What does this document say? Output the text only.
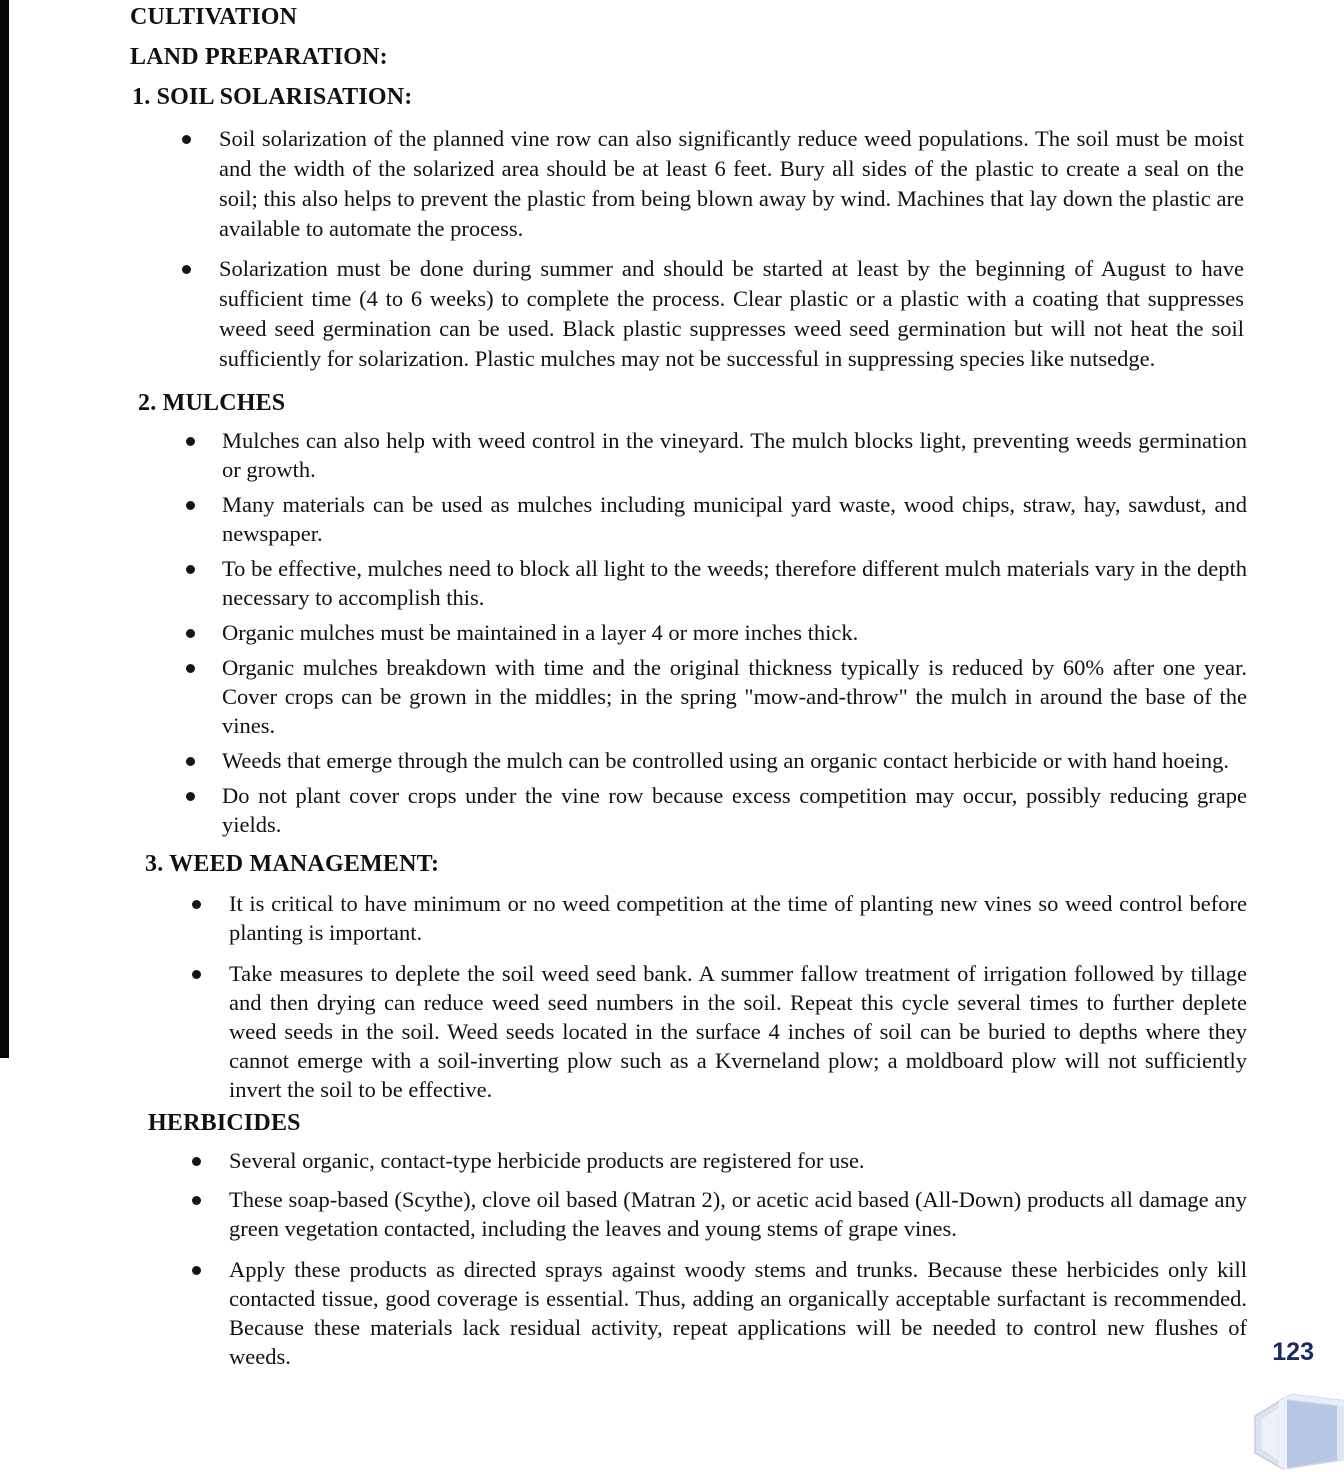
CULTIVATION
LAND PREPARATION:
1. SOIL SOLARISATION:
Soil solarization of the planned vine row can also significantly reduce weed populations. The soil must be moist and the width of the solarized area should be at least 6 feet. Bury all sides of the plastic to create a seal on the soil; this also helps to prevent the plastic from being blown away by wind. Machines that lay down the plastic are available to automate the process.
Solarization must be done during summer and should be started at least by the beginning of August to have sufficient time (4 to 6 weeks) to complete the process. Clear plastic or a plastic with a coating that suppresses weed seed germination can be used. Black plastic suppresses weed seed germination but will not heat the soil sufficiently for solarization. Plastic mulches may not be successful in suppressing species like nutsedge.
2. MULCHES
Mulches can also help with weed control in the vineyard. The mulch blocks light, preventing weeds germination or growth.
Many materials can be used as mulches including municipal yard waste, wood chips, straw, hay, sawdust, and newspaper.
To be effective, mulches need to block all light to the weeds; therefore different mulch materials vary in the depth necessary to accomplish this.
Organic mulches must be maintained in a layer 4 or more inches thick.
Organic mulches breakdown with time and the original thickness typically is reduced by 60% after one year. Cover crops can be grown in the middles; in the spring "mow-and-throw" the mulch in around the base of the vines.
Weeds that emerge through the mulch can be controlled using an organic contact herbicide or with hand hoeing.
Do not plant cover crops under the vine row because excess competition may occur, possibly reducing grape yields.
3. WEED MANAGEMENT:
It is critical to have minimum or no weed competition at the time of planting new vines so weed control before planting is important.
Take measures to deplete the soil weed seed bank. A summer fallow treatment of irrigation followed by tillage and then drying can reduce weed seed numbers in the soil. Repeat this cycle several times to further deplete weed seeds in the soil. Weed seeds located in the surface 4 inches of soil can be buried to depths where they cannot emerge with a soil-inverting plow such as a Kverneland plow; a moldboard plow will not sufficiently invert the soil to be effective.
HERBICIDES
Several organic, contact-type herbicide products are registered for use.
These soap-based (Scythe), clove oil based (Matran 2), or acetic acid based (All-Down) products all damage any green vegetation contacted, including the leaves and young stems of grape vines.
Apply these products as directed sprays against woody stems and trunks. Because these herbicides only kill contacted tissue, good coverage is essential. Thus, adding an organically acceptable surfactant is recommended. Because these materials lack residual activity, repeat applications will be needed to control new flushes of weeds.	123
